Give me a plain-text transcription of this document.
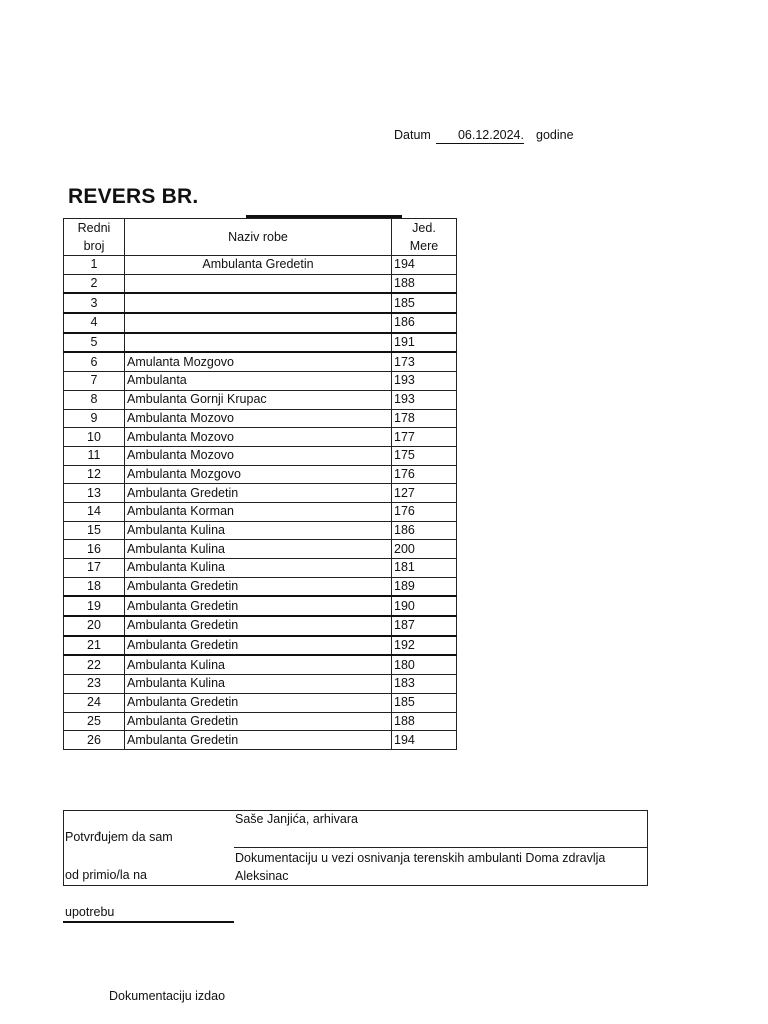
Datum	06.12.2024. godine
REVERS BR.
Redni
broj	Naziv robe	Jed.
Mere
1	Ambulanta Gredetin	194
2		188
3		185
4		186
5		191
6	Amulanta Mozgovo	173
7	Ambulanta	193
8	Ambulanta Gornji Krupac	193
9	Ambulanta Mozovo	178
10	Ambulanta Mozovo	177
11	Ambulanta Mozovo	175
12	Ambulanta Mozgovo	176
13	Ambulanta Gredetin	127
14	Ambulanta Korman	176
15	Ambulanta Kulina	186
16	Ambulanta Kulina	200
17	Ambulanta Kulina	181
18	Ambulanta Gredetin	189
19	Ambulanta Gredetin	190
20	Ambulanta Gredetin	187
21	Ambulanta Gredetin	192
22	Ambulanta Kulina	180
23	Ambulanta Kulina	183
24	Ambulanta Gredetin	185
25	Ambulanta Gredetin	188
26	Ambulanta Gredetin	194
Potvrđujem da sam
od primio/la na
upotrebu
Saše Janjića, arhivara
Dokumentaciju u vezi osnivanja terenskih ambulanti Doma zdravlja Aleksinac
Dokumentaciju izdao
